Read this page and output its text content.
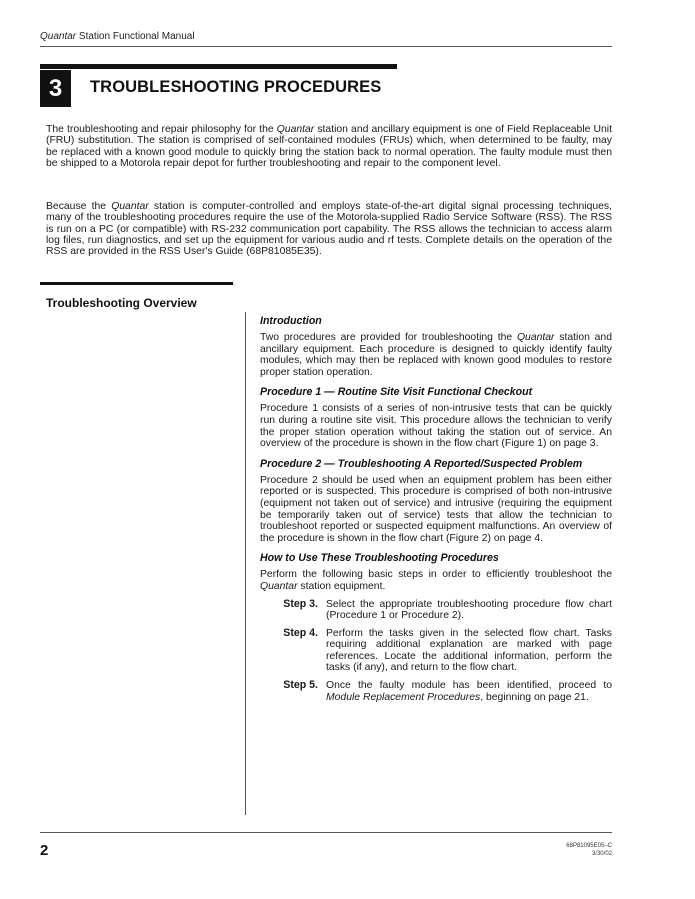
Quantar Station Functional Manual
3	TROUBLESHOOTING PROCEDURES

The troubleshooting and repair philosophy for the Quantar station and ancillary equipment is one of Field Replaceable Unit (FRU) substitution. The station is comprised of self-contained modules (FRUs) which, when determined to be faulty, may be replaced with a known good module to quickly bring the station back to normal operation. The faulty module must then be shipped to a Motorola repair depot for further troubleshooting and repair to the component level.

Because the Quantar station is computer-controlled and employs state-of-the-art digital signal processing techniques, many of the troubleshooting procedures require the use of the Motorola-supplied Radio Service Software (RSS). The RSS is run on a PC (or compatible) with RS-232 communication port capability. The RSS allows the technician to access alarm log files, run diagnostics, and set up the equipment for various audio and rf tests. Complete details on the operation of the RSS are provided in the RSS User's Guide (68P81085E35).

Troubleshooting Overview
Introduction

Two procedures are provided for troubleshooting the Quantar station and ancillary equipment. Each procedure is designed to quickly identify faulty modules, which may then be replaced with known good modules to restore proper station operation.

Procedure 1 — Routine Site Visit Functional Checkout

Procedure 1 consists of a series of non-intrusive tests that can be quickly run during a routine site visit. This procedure allows the technician to verify the proper station operation without taking the station out of service. An overview of the procedure is shown in the flow chart (Figure 1) on page 3.

Procedure 2 — Troubleshooting A Reported/Suspected Problem

Procedure 2 should be used when an equipment problem has been either reported or is suspected. This procedure is comprised of both non-intrusive (equipment not taken out of service) and intrusive (requiring the equipment be temporarily taken out of service) tests that allow the technician to troubleshoot reported or suspected equipment malfunctions. An overview of the procedure is shown in the flow chart (Figure 2) on page 4.

How to Use These Troubleshooting Procedures

Perform the following basic steps in order to efficiently troubleshoot the Quantar station equipment.

Step 3. Select the appropriate troubleshooting procedure flow chart (Procedure 1 or Procedure 2).
Step 4. Perform the tasks given in the selected flow chart. Tasks requiring additional explanation are marked with page references. Locate the additional information, perform the tasks (if any), and return to the flow chart.
Step 5. Once the faulty module has been identified, proceed to Module Replacement Procedures, beginning on page 21.
2	68P81095E05–C
3/30/02
